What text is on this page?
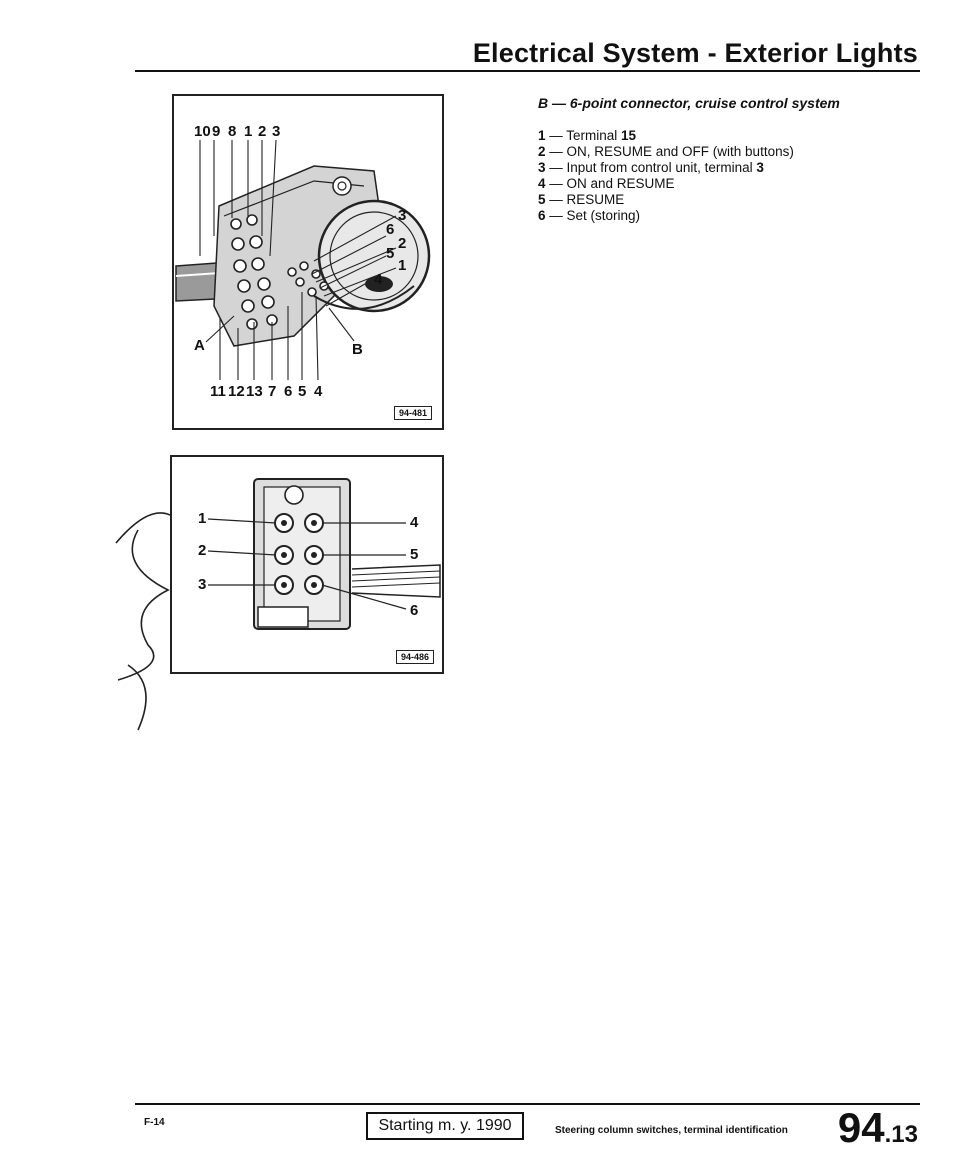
Electrical System - Exterior Lights
10 9 8 1 2 3
11 12 13 7 6 5 4
3
6
2
5
1
4
A	B
94-481
1
2
3
4
5
6
94-486
B — 6-point connector, cruise control system
1 — Terminal 15
2 — ON, RESUME and OFF (with buttons)
3 — Input from control unit, terminal 3
4 — ON and RESUME
5 — RESUME
6 — Set (storing)
F-14	Starting m. y. 1990	Steering column switches, terminal identification 94.13
